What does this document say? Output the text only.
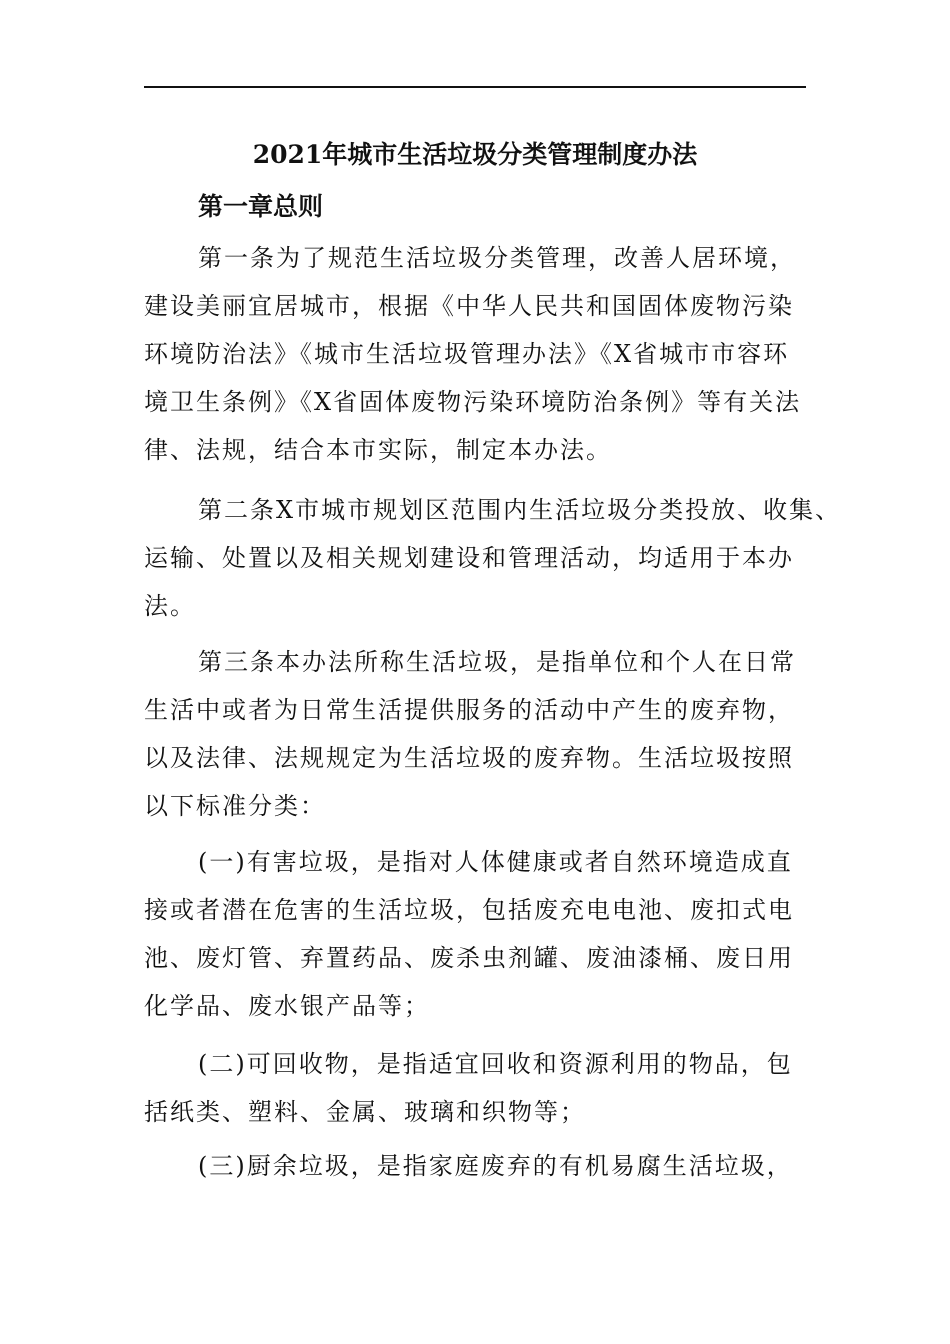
2021年城市生活垃圾分类管理制度办法
第一章总则
第一条为了规范生活垃圾分类管理，改善人居环境，
建设美丽宜居城市，根据《中华人民共和国固体废物污染
环境防治法》《城市生活垃圾管理办法》《X省城市市容环
境卫生条例》《X省固体废物污染环境防治条例》等有关法
律、法规，结合本市实际，制定本办法。
第二条X市城市规划区范围内生活垃圾分类投放、收集、
运输、处置以及相关规划建设和管理活动，均适用于本办
法。
第三条本办法所称生活垃圾，是指单位和个人在日常
生活中或者为日常生活提供服务的活动中产生的废弃物，
以及法律、法规规定为生活垃圾的废弃物。生活垃圾按照
以下标准分类：
(一)有害垃圾，是指对人体健康或者自然环境造成直
接或者潜在危害的生活垃圾，包括废充电电池、废扣式电
池、废灯管、弃置药品、废杀虫剂罐、废油漆桶、废日用
化学品、废水银产品等；
(二)可回收物，是指适宜回收和资源利用的物品，包
括纸类、塑料、金属、玻璃和织物等；
(三)厨余垃圾，是指家庭废弃的有机易腐生活垃圾，
